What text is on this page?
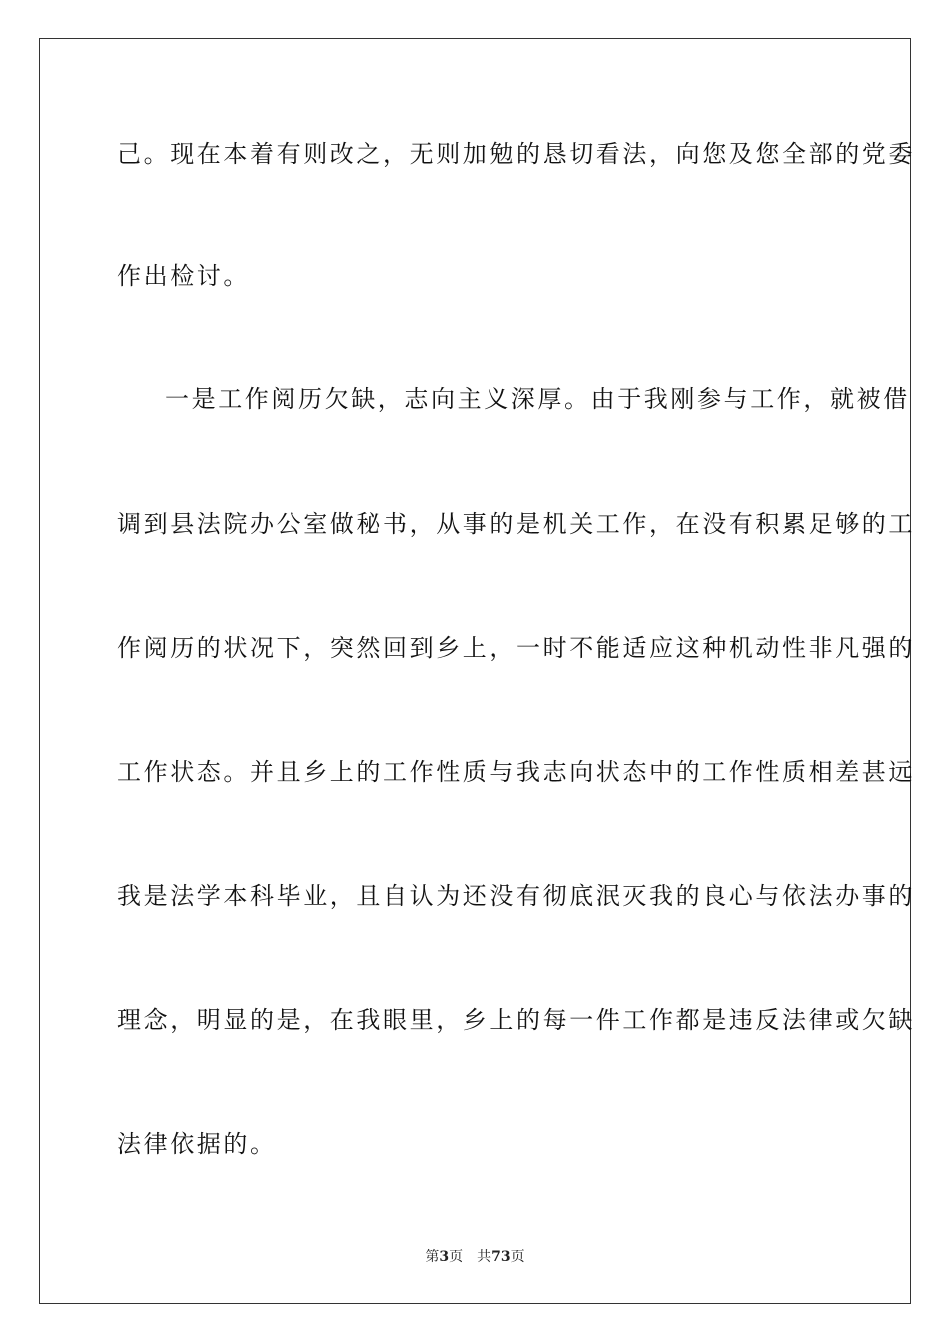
己。现在本着有则改之，无则加勉的恳切看法，向您及您全部的党委
作出检讨。
一是工作阅历欠缺，志向主义深厚。由于我刚参与工作，就被借
调到县法院办公室做秘书，从事的是机关工作，在没有积累足够的工
作阅历的状况下，突然回到乡上，一时不能适应这种机动性非凡强的
工作状态。并且乡上的工作性质与我志向状态中的工作性质相差甚远
我是法学本科毕业，且自认为还没有彻底泯灭我的良心与依法办事的
理念，明显的是，在我眼里，乡上的每一件工作都是违反法律或欠缺
法律依据的。
第3页 共73页
